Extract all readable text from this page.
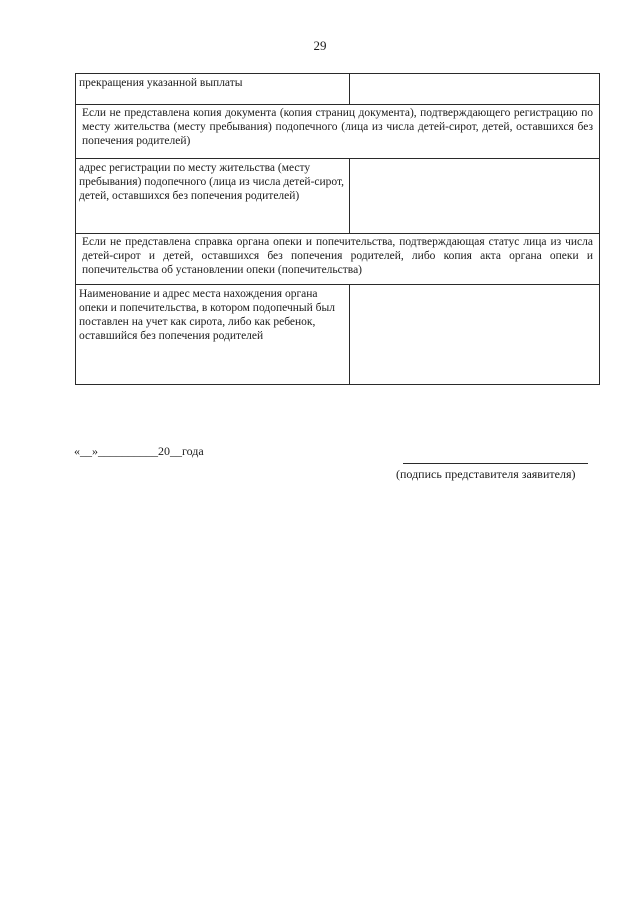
29
прекращения указанной выплаты	
Если не представлена копия документа (копия страниц документа), подтверждающего регистрацию по месту жительства (месту пребывания) подопечного (лица из числа детей-сирот, детей, оставшихся без попечения родителей)	
адрес регистрации по месту жительства (месту пребывания) подопечного (лица из числа детей-сирот, детей, оставшихся без попечения родителей)	
Если не представлена справка органа опеки и попечительства, подтверждающая статус лица из числа детей-сирот и детей, оставшихся без попечения родителей, либо копия акта органа опеки и попечительства об установлении опеки (попечительства)	
Наименование и адрес места нахождения органа опеки и попечительства, в котором подопечный был поставлен на учет как сирота, либо как ребенок, оставшийся без попечения родителей	
«__»__________20__года
(подпись представителя заявителя)
